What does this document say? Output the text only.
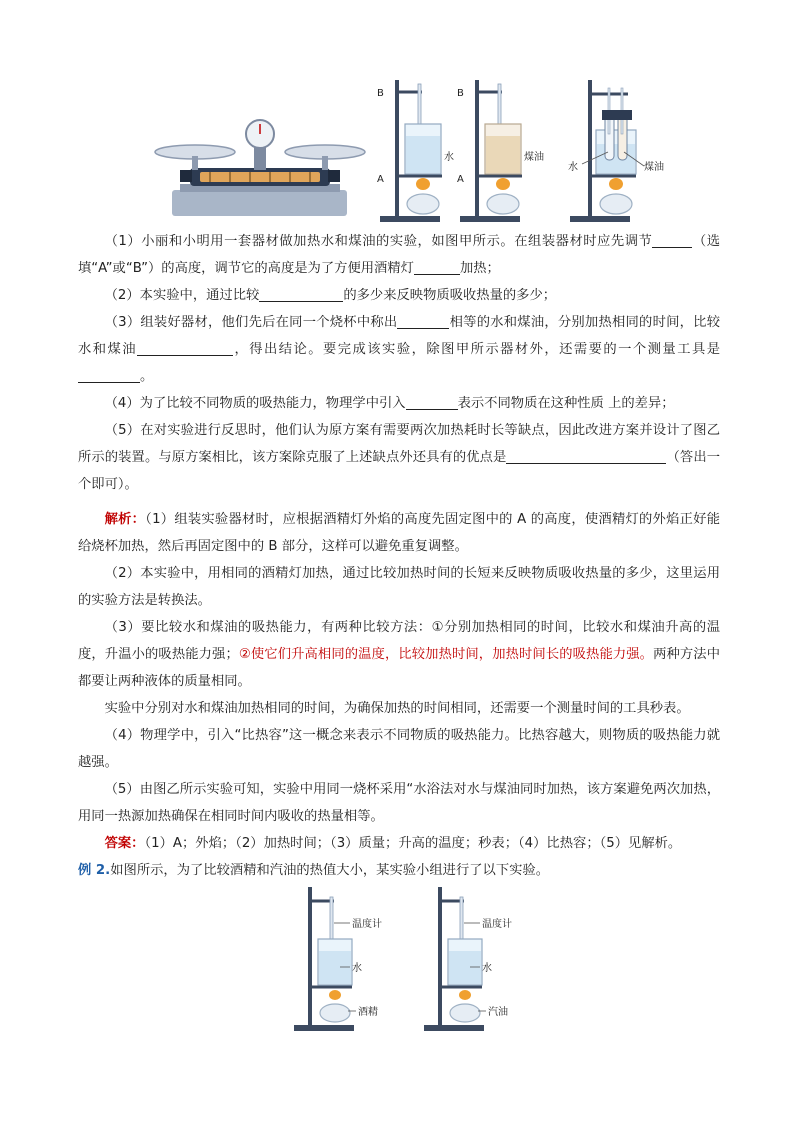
B
A
水
B
A
煤油
水	煤油

（1）小丽和小明用一套器材做加热水和煤油的实验，如图甲所示。在组装器材时应先调节	（选填“A”或“B”）的高度，调节它的高度是为了方便用酒精灯	加热；

（2）本实验中，通过比较	的多少来反映物质吸收热量的多少；

（3）组装好器材，他们先后在同一个烧杯中称出	相等的水和煤油，分别加热相同的时间，比较水和煤油	，得出结论。要完成该实验，除图甲所示器材外，还需要的一个测量工具是。

（4）为了比较不同物质的吸热能力，物理学中引入	表示不同物质在这种性质 上的差异；

（5）在对实验进行反思时，他们认为原方案有需要两次加热耗时长等缺点，因此改进方案并设计了图乙所示的装置。与原方案相比，该方案除克服了上述缺点外还具有的优点是	（答出一个即可）。

解析：（1）组装实验器材时，应根据酒精灯外焰的高度先固定图中的 A 的高度，使酒精灯的外焰正好能给烧杯加热，然后再固定图中的 B 部分，这样可以避免重复调整。

（2）本实验中，用相同的酒精灯加热，通过比较加热时间的长短来反映物质吸收热量的多少，这里运用的实验方法是转换法。

（3）要比较水和煤油的吸热能力，有两种比较方法：①分别加热相同的时间，比较水和煤油升高的温度，升温小的吸热能力强；②使它们升高相同的温度，比较加热时间，加热时间长的吸热能力强。两种方法中都要让两种液体的质量相同。

实验中分别对水和煤油加热相同的时间，为确保加热的时间相同，还需要一个测量时间的工具秒表。

（4）物理学中，引入“比热容”这一概念来表示不同物质的吸热能力。比热容越大，则物质的吸热能力就越强。

（5）由图乙所示实验可知，实验中用同一烧杯采用“水浴法对水与煤油同时加热，该方案避免两次加热，用同一热源加热确保在相同时间内吸收的热量相等。

答案：（1）A；外焰；（2）加热时间；（3）质量；升高的温度；秒表；（4）比热容；（5）见解析。

例 2.如图所示，为了比较酒精和汽油的热值大小，某实验小组进行了以下实验。

温度计
水
酒精
温度计
水
汽油
